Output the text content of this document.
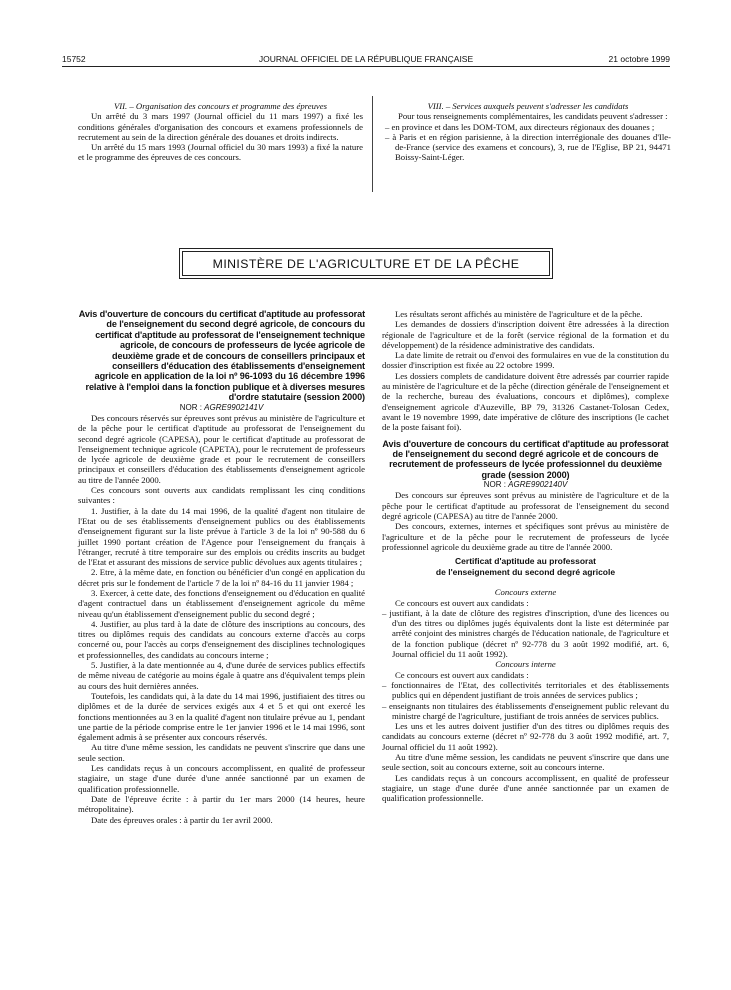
15752	JOURNAL OFFICIEL DE LA RÉPUBLIQUE FRANÇAISE	21 octobre 1999

VII. – Organisation des concours et programme des épreuves

Un arrêté du 3 mars 1997 (Journal officiel du 11 mars 1997) a fixé les conditions générales d'organisation des concours et examens professionnels de recrutement au sein de la direction générale des douanes et droits indirects.

Un arrêté du 15 mars 1993 (Journal officiel du 30 mars 1993) a fixé la nature et le programme des épreuves de ces concours.

VIII. – Services auxquels peuvent s'adresser les candidats

Pour tous renseignements complémentaires, les candidats peuvent s'adresser :

– en province et dans les DOM-TOM, aux directeurs régionaux des douanes ;

– à Paris et en région parisienne, à la direction interrégionale des douanes d'Ile-de-France (service des examens et concours), 3, rue de l'Eglise, BP 21, 94471 Boissy-Saint-Léger.

MINISTÈRE DE L'AGRICULTURE ET DE LA PÊCHE

Avis d'ouverture de concours du certificat d'aptitude au professorat de l'enseignement du second degré agricole, de concours du certificat d'aptitude au professorat de l'enseignement technique agricole, de concours de professeurs de lycée agricole de deuxième grade et de concours de conseillers principaux et conseillers d'éducation des établissements d'enseignement agricole en application de la loi nº 96-1093 du 16 décembre 1996 relative à l'emploi dans la fonction publique et à diverses mesures d'ordre statutaire (session 2000)

NOR : AGRE9902141V

Des concours réservés sur épreuves sont prévus au ministère de l'agriculture et de la pêche pour le certificat d'aptitude au professorat de l'enseignement du second degré agricole (CAPESA), pour le certificat d'aptitude au professorat de l'enseignement technique agricole (CAPETA), pour le recrutement de professeurs de lycée agricole de deuxième grade et pour le recrutement de conseillers principaux et conseillers d'éducation des établissements d'enseignement agricole au titre de l'année 2000.

Ces concours sont ouverts aux candidats remplissant les cinq conditions suivantes :

1. Justifier, à la date du 14 mai 1996, de la qualité d'agent non titulaire de l'Etat ou de ses établissements d'enseignement publics ou des établissements d'enseignement figurant sur la liste prévue à l'article 3 de la loi nº 90-588 du 6 juillet 1990 portant création de l'Agence pour l'enseignement du français à l'étranger, recruté à titre temporaire sur des emplois ou crédits inscrits au budget de l'Etat et assurant des missions de service public dévolues aux agents titulaires ;

2. Etre, à la même date, en fonction ou bénéficier d'un congé en application du décret pris sur le fondement de l'article 7 de la loi nº 84-16 du 11 janvier 1984 ;

3. Exercer, à cette date, des fonctions d'enseignement ou d'éducation en qualité d'agent contractuel dans un établissement d'enseignement agricole du même niveau qu'un établissement d'enseignement public du second degré ;

4. Justifier, au plus tard à la date de clôture des inscriptions au concours, des titres ou diplômes requis des candidats au concours externe d'accès au corps concerné ou, pour l'accès au corps d'enseignement des disciplines technologiques et professionnelles, des candidats au concours interne ;

5. Justifier, à la date mentionnée au 4, d'une durée de services publics effectifs de même niveau de catégorie au moins égale à quatre ans d'équivalent temps plein au cours des huit dernières années.

Toutefois, les candidats qui, à la date du 14 mai 1996, justifiaient des titres ou diplômes et de la durée de services exigés aux 4 et 5 et qui ont exercé les fonctions mentionnées au 3 en la qualité d'agent non titulaire prévue au 1, pendant une partie de la période comprise entre le 1er janvier 1996 et le 14 mai 1996, sont également admis à se présenter aux concours réservés.

Au titre d'une même session, les candidats ne peuvent s'inscrire que dans une seule section.

Les candidats reçus à un concours accomplissent, en qualité de professeur stagiaire, un stage d'une durée d'une année sanctionné par un examen de qualification professionnelle.

Date de l'épreuve écrite : à partir du 1er mars 2000 (14 heures, heure métropolitaine).

Date des épreuves orales : à partir du 1er avril 2000.

Les résultats seront affichés au ministère de l'agriculture et de la pêche.

Les demandes de dossiers d'inscription doivent être adressées à la direction régionale de l'agriculture et de la forêt (service régional de la formation et du développement) de la résidence administrative des candidats.

La date limite de retrait ou d'envoi des formulaires en vue de la constitution du dossier d'inscription est fixée au 22 octobre 1999.

Les dossiers complets de candidature doivent être adressés par courrier rapide au ministère de l'agriculture et de la pêche (direction générale de l'enseignement et de la recherche, bureau des évaluations, concours et diplômes), complexe d'enseignement agricole d'Auzeville, BP 79, 31326 Castanet-Tolosan Cedex, avant le 19 novembre 1999, date impérative de clôture des inscriptions (le cachet de la poste faisant foi).

Avis d'ouverture de concours du certificat d'aptitude au professorat de l'enseignement du second degré agricole et de concours de recrutement de professeurs de lycée professionnel du deuxième grade (session 2000)

NOR : AGRE9902140V

Des concours sur épreuves sont prévus au ministère de l'agriculture et de la pêche pour le certificat d'aptitude au professorat de l'enseignement du second degré agricole (CAPESA) au titre de l'année 2000.

Des concours, externes, internes et spécifiques sont prévus au ministère de l'agriculture et de la pêche pour le recrutement de professeurs de lycée professionnel agricole du deuxième grade au titre de l'année 2000.

Certificat d'aptitude au professorat
de l'enseignement du second degré agricole

Concours externe

Ce concours est ouvert aux candidats :

– justifiant, à la date de clôture des registres d'inscription, d'une des licences ou d'un des titres ou diplômes jugés équivalents dont la liste est déterminée par arrêté conjoint des ministres chargés de l'éducation nationale, de l'agriculture et de la fonction publique (décret nº 92-778 du 3 août 1992 modifié, art. 6, Journal officiel du 11 août 1992).

Concours interne

Ce concours est ouvert aux candidats :

– fonctionnaires de l'Etat, des collectivités territoriales et des établissements publics qui en dépendent justifiant de trois années de services publics ;

– enseignants non titulaires des établissements d'enseignement public relevant du ministre chargé de l'agriculture, justifiant de trois années de services publics.

Les uns et les autres doivent justifier d'un des titres ou diplômes requis des candidats au concours externe (décret nº 92-778 du 3 août 1992 modifié, art. 7, Journal officiel du 11 août 1992).

Au titre d'une même session, les candidats ne peuvent s'inscrire que dans une seule section, soit au concours externe, soit au concours interne.

Les candidats reçus à un concours accomplissent, en qualité de professeur stagiaire, un stage d'une durée d'une année sanctionnée par un examen de qualification professionnelle.
